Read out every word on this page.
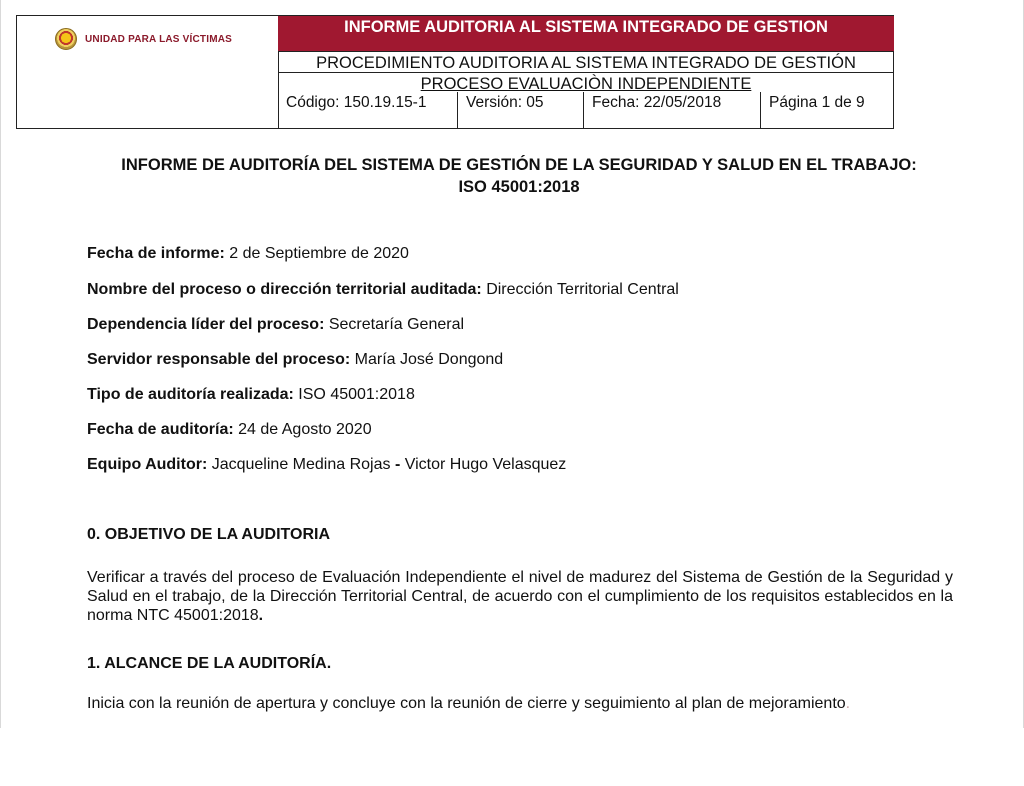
UNIDAD PARA LAS VÍCTIMAS
INFORME AUDITORIA AL SISTEMA INTEGRADO DE GESTION
PROCEDIMIENTO AUDITORIA AL SISTEMA INTEGRADO DE GESTIÓN
PROCESO EVALUACIÒN INDEPENDIENTE
Código: 150.19.15-1	Versión: 05	Fecha: 22/05/2018	Página 1 de 9
INFORME DE AUDITORÍA DEL SISTEMA DE GESTIÓN DE LA SEGURIDAD Y SALUD EN EL TRABAJO:
ISO 45001:2018
Fecha de informe: 2 de Septiembre de 2020
Nombre del proceso o dirección territorial auditada: Dirección Territorial Central
Dependencia líder del proceso: Secretaría General
Servidor responsable del proceso: María José Dongond
Tipo de auditoría realizada: ISO 45001:2018
Fecha de auditoría: 24 de Agosto 2020
Equipo Auditor: Jacqueline Medina Rojas - Victor Hugo Velasquez
0. OBJETIVO DE LA AUDITORIA
Verificar a través del proceso de Evaluación Independiente el nivel de madurez del Sistema de Gestión de la Seguridad y Salud en el trabajo, de la Dirección Territorial Central, de acuerdo con el cumplimiento de los requisitos establecidos en la norma NTC 45001:2018.
1. ALCANCE DE LA AUDITORÍA.
Inicia con la reunión de apertura y concluye con la reunión de cierre y seguimiento al plan de mejoramiento.
